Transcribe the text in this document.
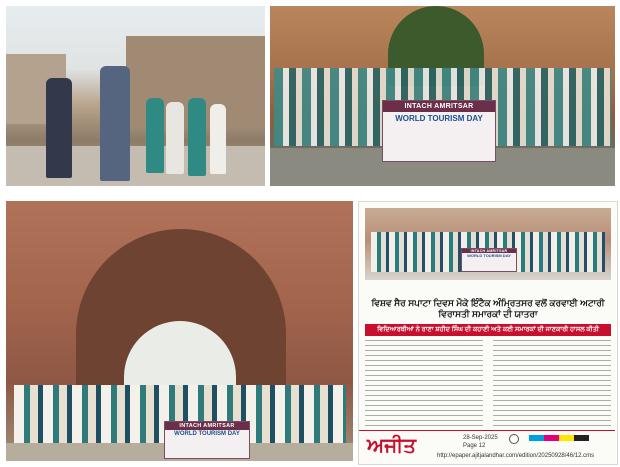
INTACH AMRITSAR
WORLD TOURISM DAY
INTACH AMRITSAR
WORLD TOURISM DAY
INTACH AMRITSAR
WORLD TOURISM DAY
ਵਿਸ਼ਵ ਸੈਰ ਸਪਾਟਾ ਦਿਵਸ ਮੌਕੇ ਇੰਟੈਕ ਅੰਮ੍ਰਿਤਸਰ ਵਲੋਂ ਕਰਵਾਈ ਅਟਾਰੀ ਵਿਰਾਸਤੀ ਸਮਾਰਕਾਂ ਦੀ ਯਾਤਰਾ
ਵਿਦਿਆਰਥੀਆਂ ਨੇ ਰਾਣਾ ਸ਼ਹੀਦ ਸਿੰਘ ਦੀ ਕਹਾਣੀ ਅਤੇ ਕਈ ਸਮਾਰਕਾਂ ਦੀ ਜਾਣਕਾਰੀ ਹਾਸਲ ਕੀਤੀ
ਅਜੀਤ	28-Sep-2025
Page 12
http://epaper.ajitjalandhar.com/edition/20250928/46/12.cms
